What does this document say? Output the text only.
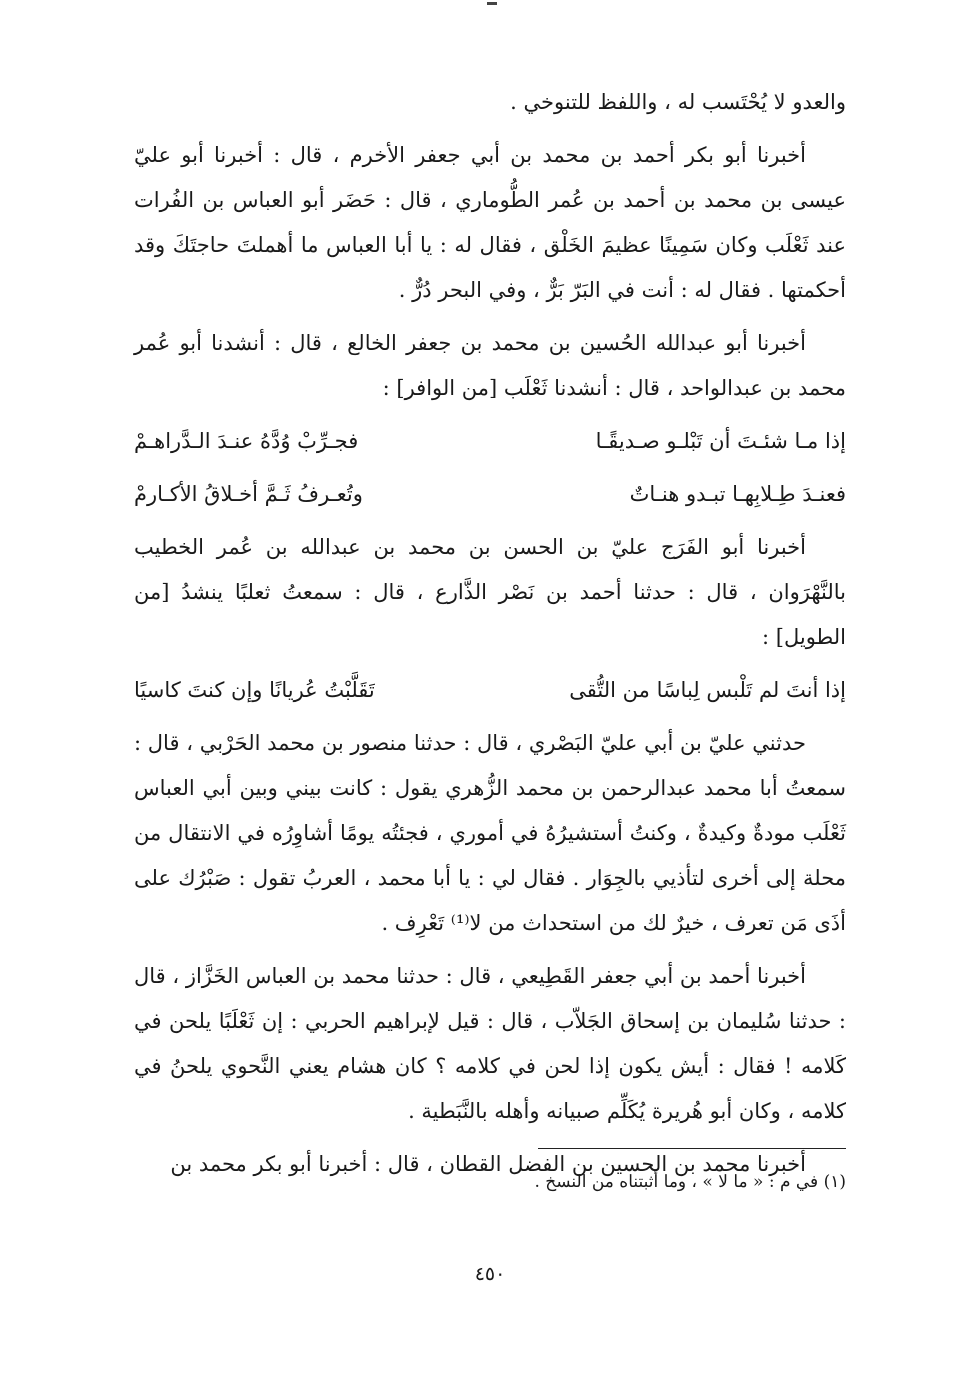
والعدو لا يُحْتَسب له ، واللفظ للتنوخي .

أخبرنا أبو بكر أحمد بن محمد بن أبي جعفر الأخرم ، قال : أخبرنا أبو عليّ عيسى بن محمد بن أحمد بن عُمر الطُّوماري ، قال : حَضَر أبو العباس بن الفُرات عند ثَعْلَب وكان سَمِينًا عظيمَ الخَلْق ، فقال له : يا أبا العباس ما أهملتَ حاجتَكَ وقد أحكمتها . فقال له : أنت في البَرّ بَرٌّ ، وفي البحر دُرٌّ .

أخبرنا أبو عبدالله الحُسين بن محمد بن جعفر الخالع ، قال : أنشدنا أبو عُمر محمد بن عبدالواحد ، قال : أنشدنا ثَعْلَب [من الوافر] :

إذا مـا شئـتَ أن تَبْلـو صـديقًـا
فجـرِّبْ وُدَّهُ عنـدَ الـدَّراهـمْ
فعنـدَ طِـلابِهـا تبـدو هنـاتٌ
وتُعـرفُ ثَـمَّ أخـلاقُ الأكـارمْ

أخبرنا أبو الفَرَج عليّ بن الحسن بن محمد بن عبدالله بن عُمر الخطيب بالنَّهْرَوان ، قال : حدثنا أحمد بن نَصْر الذَّارع ، قال : سمعتُ ثعلبًا ينشدُ [من الطويل] :

إذا أنتَ لم تَلْبس لِباسًا من التُّقى
تَقَلَّبْتُ عُريانًا وإن كنتَ كاسيًا

حدثني عليّ بن أبي عليّ البَصْري ، قال : حدثنا منصور بن محمد الحَرْبي ، قال : سمعتُ أبا محمد عبدالرحمن بن محمد الزُّهري يقول : كانت بيني وبين أبي العباس ثَعْلَب مودةٌ وكيدةٌ ، وكنتُ أستشيرُهُ في أموري ، فجئتُه يومًا أشاوِرُه في الانتقال من محلة إلى أخرى لتأذيي بالجِوَار . فقال لي : يا أبا محمد ، العربُ تقول : صَبْرُك على أذَى مَن تعرف ، خيرٌ لك من استحداث من لا⁽¹⁾ تَعْرِف .

أخبرنا أحمد بن أبي جعفر القَطِيعي ، قال : حدثنا محمد بن العباس الخَزَّاز ، قال : حدثنا سُليمان بن إسحاق الجَلاّب ، قال : قيل لإبراهيم الحربي : إن ثَعْلَبًا يلحن في كَلامه ! فقال : أيش يكون إذا لحن في كلامه ؟ كان هشام يعني النَّحوي يلحنُ في كلامه ، وكان أبو هُريرة يُكَلِّم صبيانه وأهله بالنَّبَطية .

أخبرنا محمد بن الحسين بن الفضل القطان ، قال : أخبرنا أبو بكر محمد بن

(١) في م : « ما لا » ، وما أثبتناه من النسخ .
٤٥٠
